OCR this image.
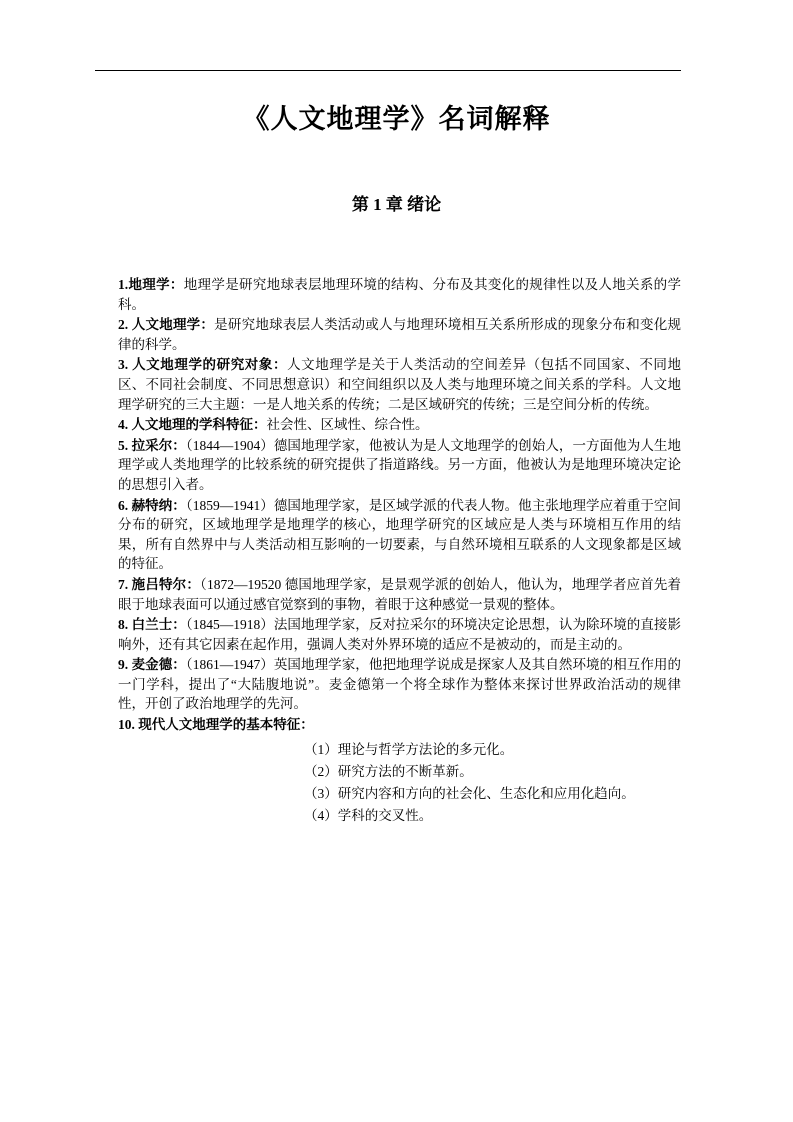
《人文地理学》名词解释
第 1 章 绪论

1.地理学：地理学是研究地球表层地理环境的结构、分布及其变化的规律性以及人地关系的学科。

2. 人文地理学：是研究地球表层人类活动或人与地理环境相互关系所形成的现象分布和变化规律的科学。

3. 人文地理学的研究对象：人文地理学是关于人类活动的空间差异（包括不同国家、不同地区、不同社会制度、不同思想意识）和空间组织以及人类与地理环境之间关系的学科。人文地理学研究的三大主题：一是人地关系的传统；二是区域研究的传统；三是空间分析的传统。

4. 人文地理的学科特征：社会性、区域性、综合性。

5. 拉采尔：（1844—1904）德国地理学家，他被认为是人文地理学的创始人，一方面他为人生地理学或人类地理学的比较系统的研究提供了指道路线。另一方面，他被认为是地理环境决定论的思想引入者。

6. 赫特纳：（1859—1941）德国地理学家，是区域学派的代表人物。他主张地理学应着重于空间分布的研究，区域地理学是地理学的核心，地理学研究的区域应是人类与环境相互作用的结果，所有自然界中与人类活动相互影响的一切要素，与自然环境相互联系的人文现象都是区域的特征。

7. 施吕特尔：（1872—19520 德国地理学家，是景观学派的创始人，他认为，地理学者应首先着眼于地球表面可以通过感官觉察到的事物，着眼于这种感觉一景观的整体。

8. 白兰士：（1845—1918）法国地理学家，反对拉采尔的环境决定论思想，认为除环境的直接影响外，还有其它因素在起作用，强调人类对外界环境的适应不是被动的，而是主动的。

9. 麦金德：（1861—1947）英国地理学家，他把地理学说成是探家人及其自然环境的相互作用的一门学科，提出了“大陆腹地说”。麦金德第一个将全球作为整体来探讨世界政治活动的规律性，开创了政治地理学的先河。

10. 现代人文地理学的基本特征：

（1）理论与哲学方法论的多元化。

（2）研究方法的不断革新。

（3）研究内容和方向的社会化、生态化和应用化趋向。

（4）学科的交叉性。
